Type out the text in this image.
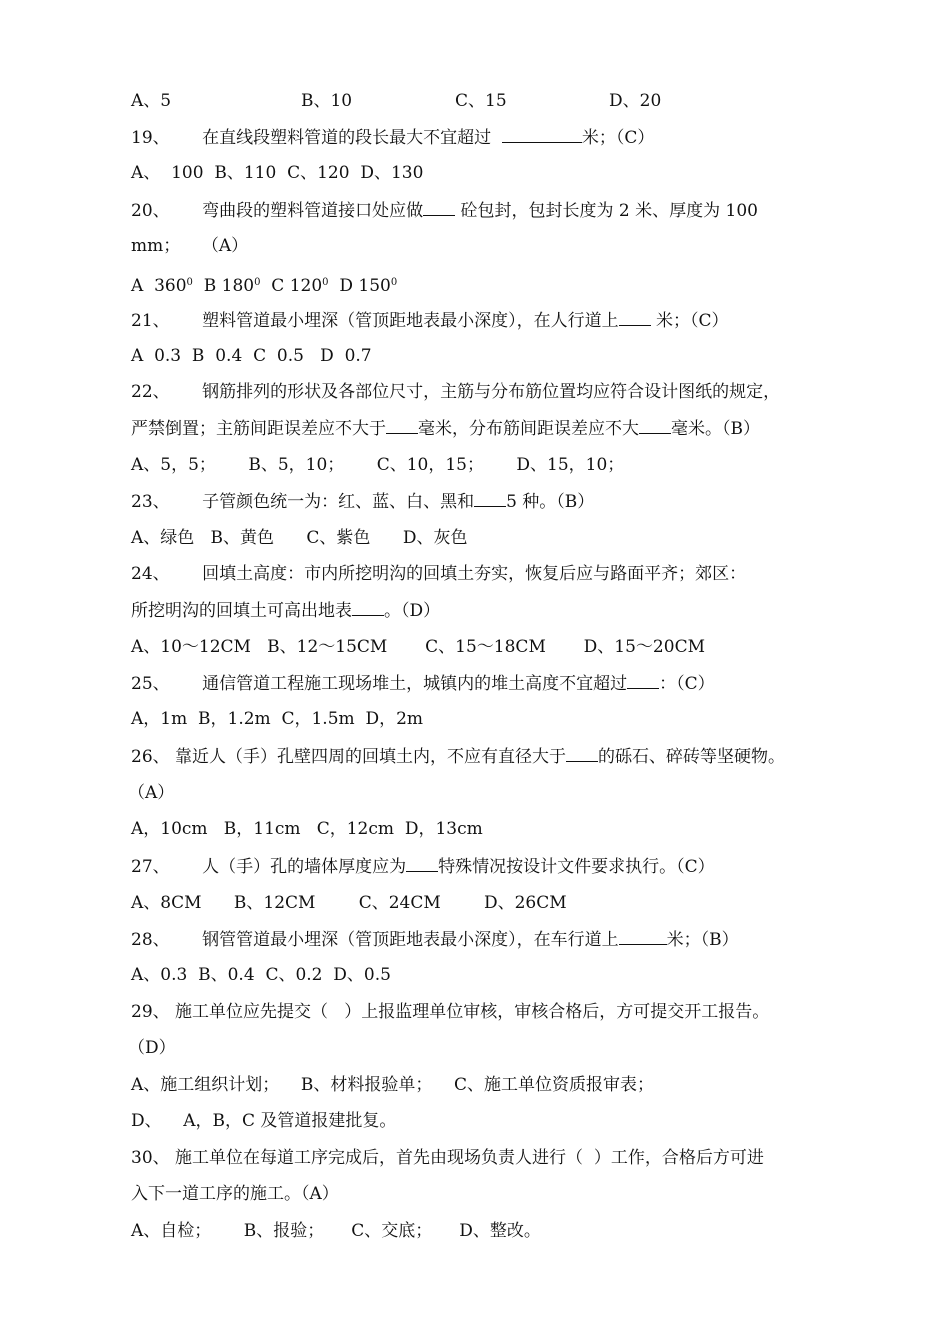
A、5	B、10	C、15	D、20
19、 在直线段塑料管道的段长最大不宜超过	米；（C）
A、  100  B、110  C、120  D、130
20、 弯曲段的塑料管道接口处应做 砼包封，包封长度为 2 米、厚度为 100
mm；    （A）
A $360^0$ B $180^0$ C $120^0$ D $150^0$
21、 塑料管道最小埋深（管顶距地表最小深度），在人行道上 米；（C）
A  0.3  B  0.4  C  0.5   D  0.7
22、 钢筋排列的形状及各部位尺寸，主筋与分布筋位置均应符合设计图纸的规定，
严禁倒置；主筋间距误差应不大于 毫米，分布筋间距误差应不大 毫米。（B）
A、5，5；      B、5，10；      C、10，15；      D、15，10；
23、 子管颜色统一为：红、蓝、白、黑和 5 种。（B）
A、绿色   B、黄色      C、紫色      D、灰色
24、 回填土高度：市内所挖明沟的回填土夯实，恢复后应与路面平齐；郊区：
所挖明沟的回填土可高出地表 。（D）
A、10～12CM   B、12～15CM       C、15～18CM       D、15～20CM
25、 通信管道工程施工现场堆土，城镇内的堆土高度不宜超过 ：（C）
A，1m  B，1.2m  C，1.5m  D，2m
26、 靠近人（手）孔壁四周的回填土内，不应有直径大于 的砾石、碎砖等坚硬物。
（A）
A，10cm   B，11cm   C，12cm  D，13cm
27、 人（手）孔的墙体厚度应为 特殊情况按设计文件要求执行。（C）
A、8CM      B、12CM        C、24CM        D、26CM
28、 钢管管道最小埋深（管顶距地表最小深度），在车行道上	米；（B）
A、0.3  B、0.4  C、0.2  D、0.5
29、 施工单位应先提交（   ）上报监理单位审核，审核合格后，方可提交开工报告。
（D）
A、施工组织计划；    B、材料报验单；    C、施工单位资质报审表；
D、    A，B，C 及管道报建批复。
30、 施工单位在每道工序完成后，首先由现场负责人进行（  ）工作，合格后方可进
入下一道工序的施工。（A）
A、自检；      B、报验；     C、交底；     D、整改。
